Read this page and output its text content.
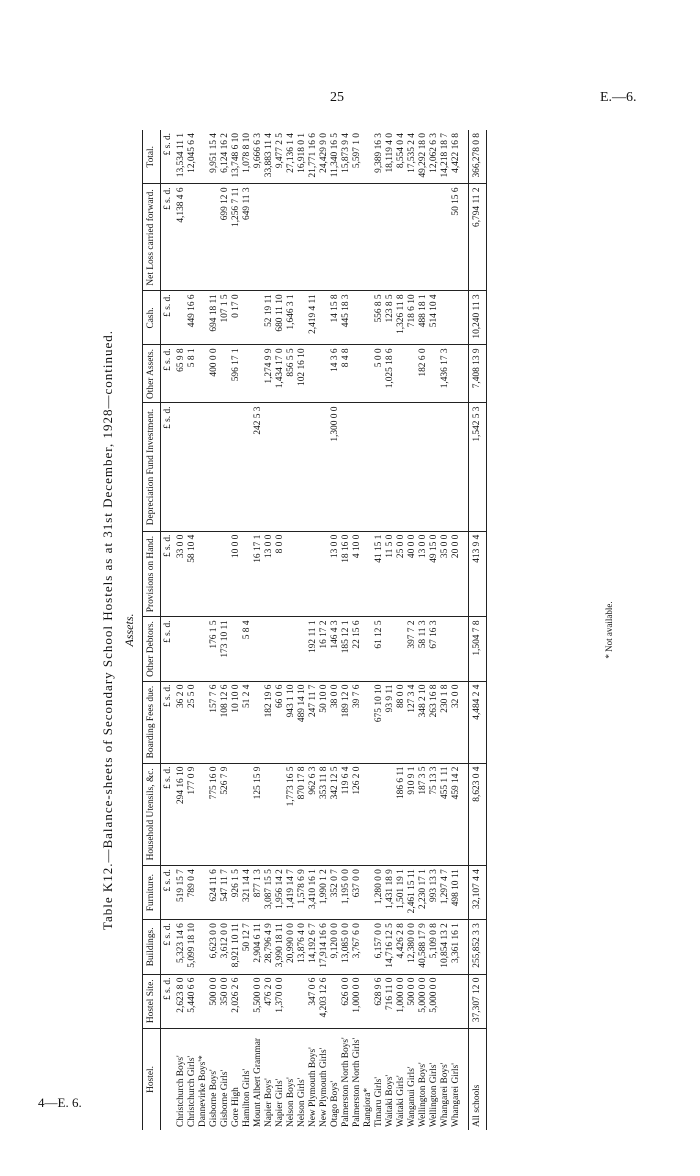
25	E.—6.
4—E. 6.
Table K12.—Balance-sheets of Secondary School Hostels as at 31st December, 1928—continued. Assets.
Hostel.	Hostel Site.	Buildings.	Furniture.	Household Utensils, &c.	Boarding Fees due.	Other Debtors.	Provisions on Hand.	Depreciation Fund Investment.	Other Assets.	Cash.	Net Loss carried forward.	Total.
	£ s. d.	£ s. d.	£ s. d.	£ s. d.	£ s. d.	£ s. d.	£ s. d.	£ s. d.	£ s. d.	£ s. d.	£ s. d.	£ s. d.
Christchurch Boys'	2,623 8 0	5,323 14 6	519 15 7	294 16 10	36 2 0		33 0 0		65 9 8		4,138 4 6	13,534 11 1
Christchurch Girls'	5,440 6 6	5,099 18 10	789 0 4	177 0 9	25 5 0		58 10 4		5 8 1	449 16 6		12,045 6 4
Dannevirke Boys'*												
Gisborne Boys'	500 0 0	6,623 0 0	624 11 6	775 16 0	157 7 6	176 1 5			400 0 0	694 18 11		9,951 15 4
Gisborne Girls'	350 0 0	3,612 0 0	547 11 7	526 7 9	108 12 6	173 10 11				107 1 5	699 12 0	6,124 16 2
Gore High	2,026 2 6	8,921 10 11	926 1 5		10 10 0		10 0 0		596 17 1	0 17 0	1,256 7 11	13,748 6 10
Hamilton Girls'		50 12 7	321 14 4		51 2 4	5 8 4					649 11 3	1,078 8 10
Mount Albert Grammar	5,500 0 0	2,904 6 11	877 1 3	125 15 9			16 17 1	242 5 3				9,666 6 3
Napier Boys'	476 2 0	28,796 4 9	3,087 15 5		182 19 6		13 0 0		1,274 9 9	52 19 11		33,883 11 4
Napier Girls'	1,370 0 0	3,990 18 11	1,956 14 2		66 0 6		8 0 0		1,434 17 0	680 11 10		9,477 2 5
Nelson Boys'		20,990 0 0	1,419 14 7	1,773 16 5	943 1 10				856 5 5	1,646 3 1		27,136 1 4
Nelson Girls'		13,876 4 0	1,578 6 9	870 17 8	489 14 10				102 16 10			16,918 0 1
New Plymouth Boys'	347 0 6	14,192 6 7	3,410 16 1	962 6 3	247 11 7	192 11 1				2,419 4 11		21,771 16 6
New Plymouth Girls'	4,203 12 6	17,914 16 6	1,990 1 2	353 11 8	50 10 0	16 17 2						24,429 9 0
Otago Boys'		9,120 0 0	352 0 7	342 12 5	38 0 0	146 4 3	13 0 0	1,300 0 0	14 3 6	14 15 8		11,340 16 5
Palmerston North Boys'	626 0 0	13,085 0 0	1,195 0 0	119 6 4	189 12 0	185 12 1	18 16 0		8 4 8	445 18 3		15,873 9 4
Palmerston North Girls'	1,000 0 0	3,767 6 0	637 0 0	126 2 0	39 7 6	22 15 6	4 10 0					5,597 1 0
Rangiora*												
Timaru Girls'	628 9 6	6,157 0 0	1,280 0 0		675 10 10	61 12 5	41 15 1		5 0 0	556 8 5		9,389 16 3
Waitaki Boys'	716 11 0	14,716 12 5	1,431 18 9		93 9 11		11 5 0		1,025 18 6	123 8 5		18,119 4 0
Waitaki Girls'	1,000 0 0	4,426 2 8	1,501 19 1	186 6 11	88 0 0		25 0 0			1,326 11 8		8,554 0 4
Wanganui Girls'	500 0 0	12,380 0 0	2,461 15 11	910 9 1	127 3 4	397 7 2	40 0 0			718 6 10		17,535 2 4
Wellington Boys'	5,000 0 0	40,588 17 9	2,230 17 1	187 3 5	348 2 10	58 11 3	13 0 0		182 6 0	488 18 1		49,292 18 0
Wellington Girls'	5,000 0 0	5,109 0 8	993 13 3	75 13 3	263 16 8	67 16 3	49 15 0			514 10 4		12,062 6 3
Whangarei Boys'		10,854 13 2	1,297 4 7	455 1 11	230 1 8		35 0 0		1,436 17 3			14,218 18 7
Whangarei Girls'		3,361 16 1	498 10 11	459 14 2	32 0 0		20 0 0				50 15 6	4,422 16 8

All schools	37,307 12 0	255,852 3 3	32,107 4 4	8,623 0 4	4,484 2 4	1,504 7 8	413 9 4	1,542 5 3	7,408 13 9	10,240 11 3	6,794 11 2	366,278 0 8
* Not available.
